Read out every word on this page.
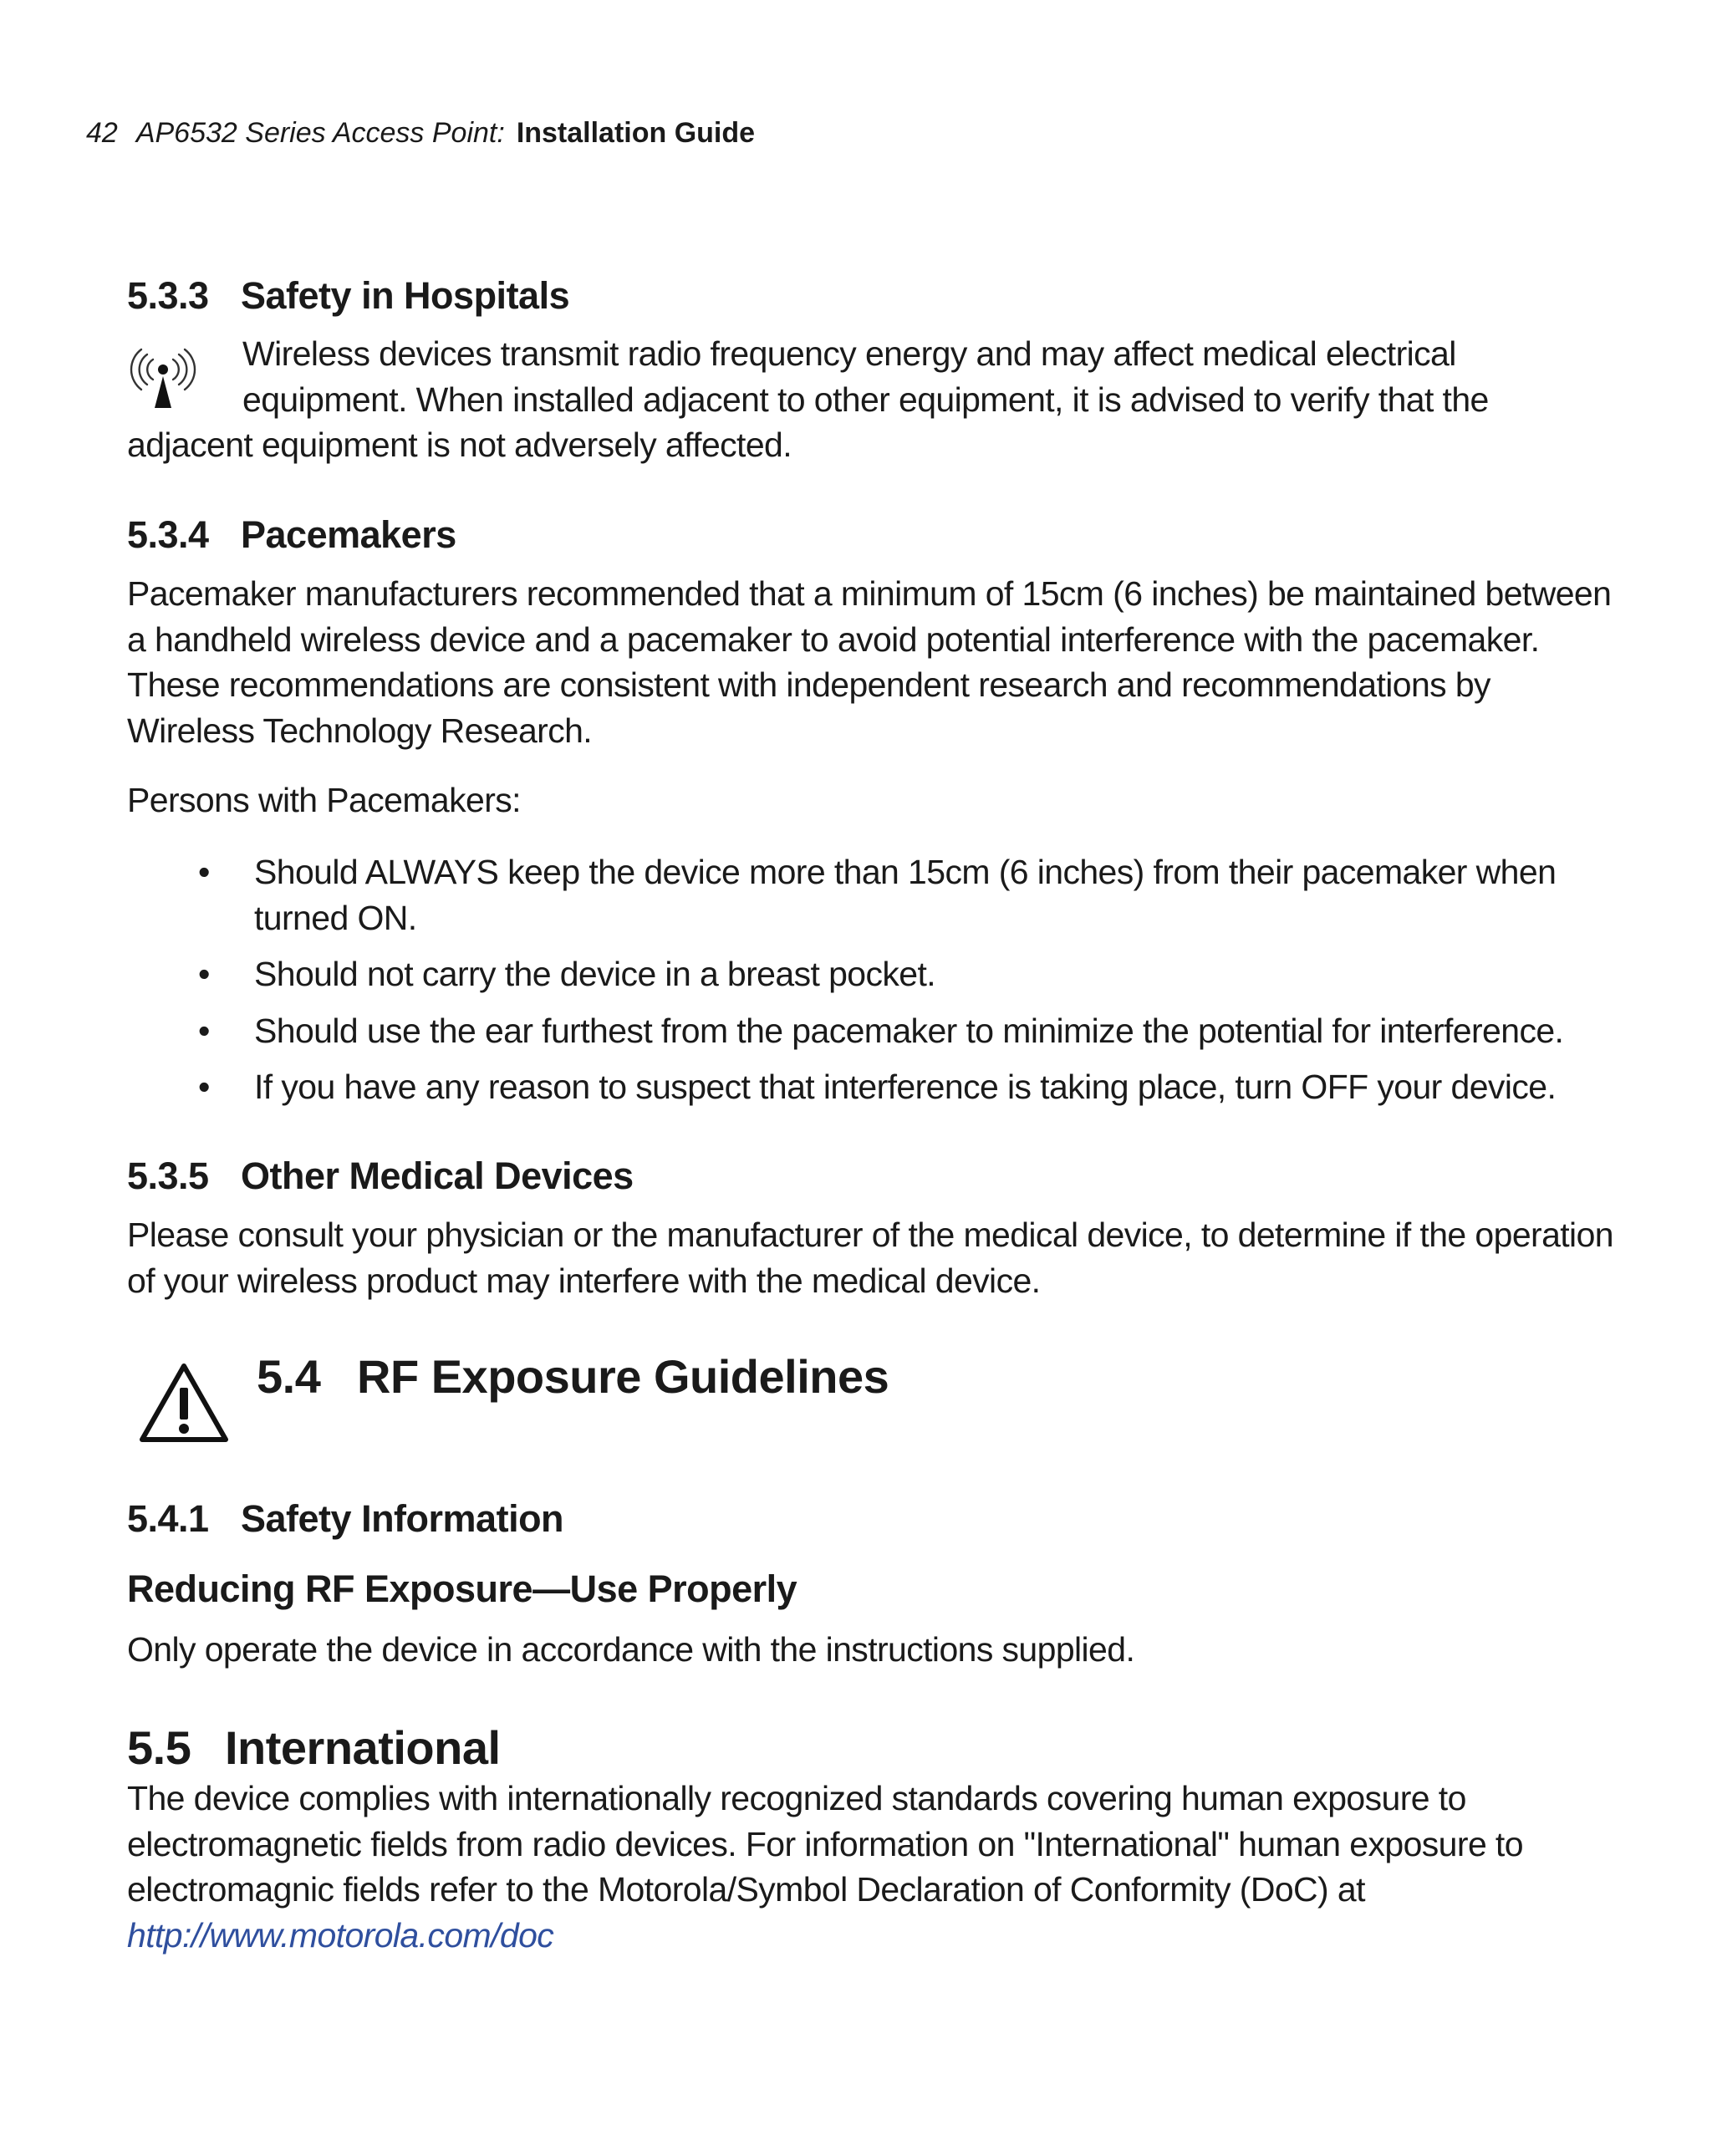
42 AP6532 Series Access Point: Installation Guide
5.3.3 Safety in Hospitals
Wireless devices transmit radio frequency energy and may affect medical electrical
equipment. When installed adjacent to other equipment, it is advised to verify that the
adjacent equipment is not adversely affected.
5.3.4 Pacemakers
Pacemaker manufacturers recommended that a minimum of 15cm (6 inches) be maintained between
a handheld wireless device and a pacemaker to avoid potential interference with the pacemaker.
These recommendations are consistent with independent research and recommendations by
Wireless Technology Research.
Persons with Pacemakers:
• Should ALWAYS keep the device more than 15cm (6 inches) from their pacemaker when
turned ON.
• Should not carry the device in a breast pocket.
• Should use the ear furthest from the pacemaker to minimize the potential for interference.
• If you have any reason to suspect that interference is taking place, turn OFF your device.
5.3.5 Other Medical Devices
Please consult your physician or the manufacturer of the medical device, to determine if the operation
of your wireless product may interfere with the medical device.
5.4 RF Exposure Guidelines
5.4.1 Safety Information
Reducing RF Exposure—Use Properly
Only operate the device in accordance with the instructions supplied.
5.5 International
The device complies with internationally recognized standards covering human exposure to
electromagnetic fields from radio devices. For information on "International" human exposure to
electromagnic fields refer to the Motorola/Symbol Declaration of Conformity (DoC) at
http://www.motorola.com/doc
